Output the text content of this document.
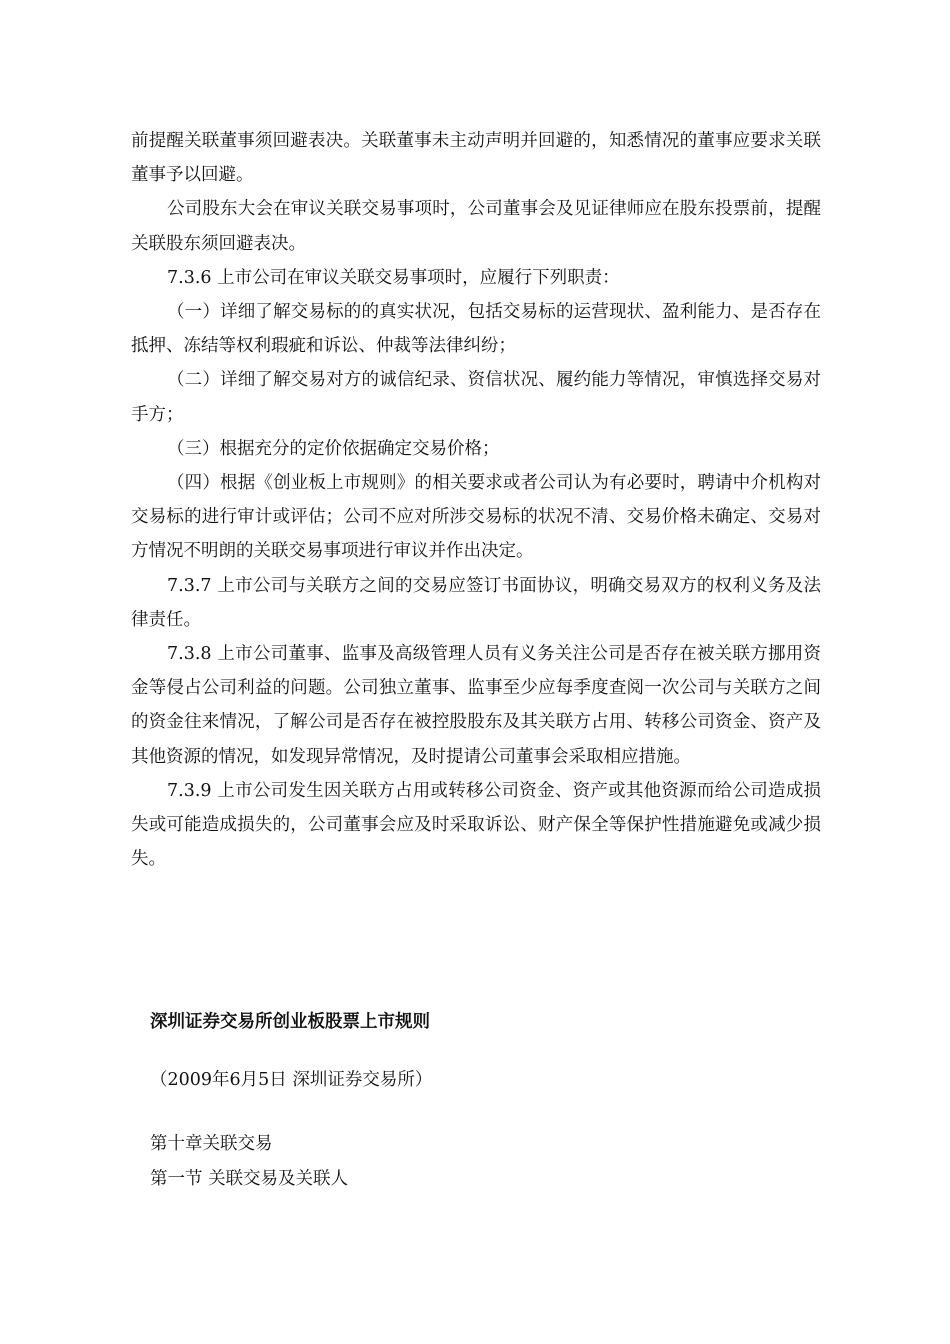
前提醒关联董事须回避表决。关联董事未主动声明并回避的，知悉情况的董事应要求关联董事予以回避。

公司股东大会在审议关联交易事项时，公司董事会及见证律师应在股东投票前，提醒关联股东须回避表决。

7.3.6 上市公司在审议关联交易事项时，应履行下列职责：

（一）详细了解交易标的的真实状况，包括交易标的运营现状、盈利能力、是否存在抵押、冻结等权利瑕疵和诉讼、仲裁等法律纠纷；

（二）详细了解交易对方的诚信纪录、资信状况、履约能力等情况，审慎选择交易对手方；

（三）根据充分的定价依据确定交易价格；

（四）根据《创业板上市规则》的相关要求或者公司认为有必要时，聘请中介机构对交易标的进行审计或评估；公司不应对所涉交易标的状况不清、交易价格未确定、交易对方情况不明朗的关联交易事项进行审议并作出决定。

7.3.7 上市公司与关联方之间的交易应签订书面协议，明确交易双方的权利义务及法律责任。

7.3.8 上市公司董事、监事及高级管理人员有义务关注公司是否存在被关联方挪用资金等侵占公司利益的问题。公司独立董事、监事至少应每季度查阅一次公司与关联方之间的资金往来情况，了解公司是否存在被控股股东及其关联方占用、转移公司资金、资产及其他资源的情况，如发现异常情况，及时提请公司董事会采取相应措施。

7.3.9 上市公司发生因关联方占用或转移公司资金、资产或其他资源而给公司造成损失或可能造成损失的，公司董事会应及时采取诉讼、财产保全等保护性措施避免或减少损失。

深圳证券交易所创业板股票上市规则

（2009年6月5日 深圳证券交易所）

第十章关联交易

第一节 关联交易及关联人
